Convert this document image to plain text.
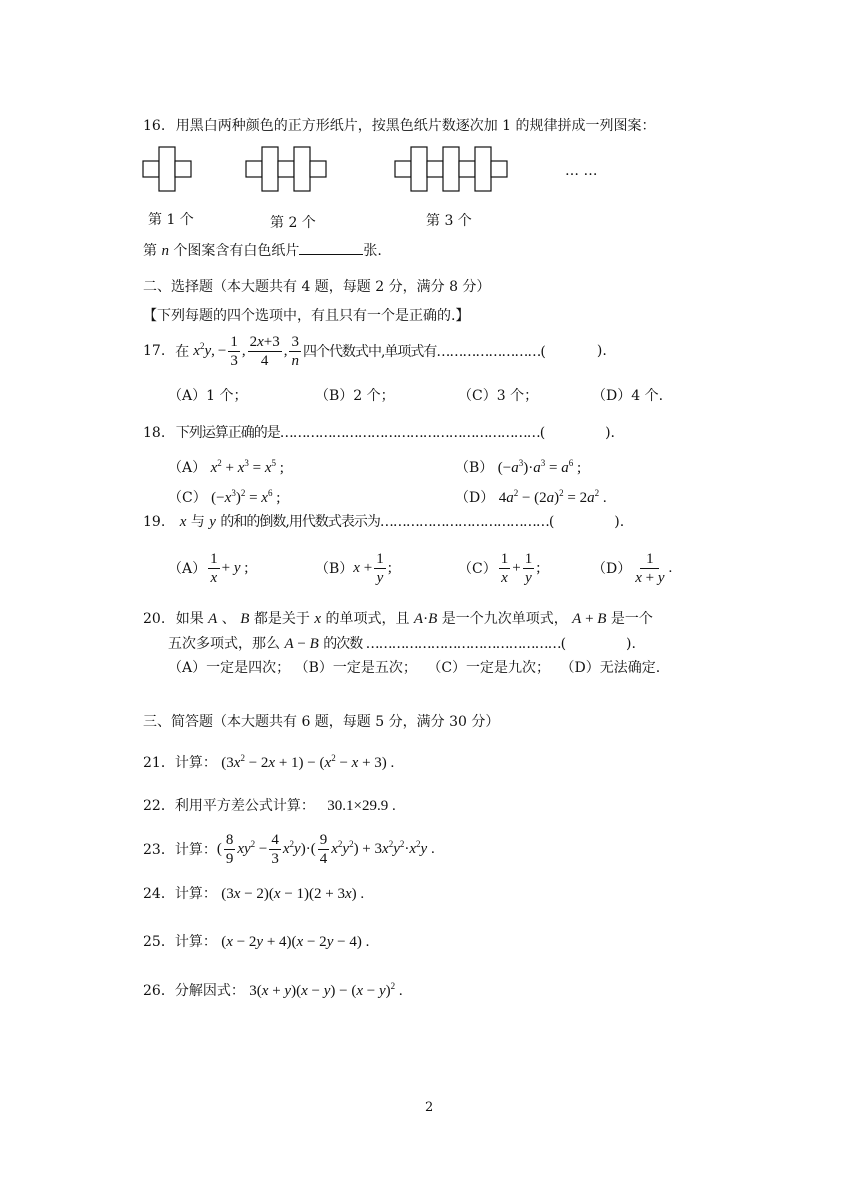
16. 用黑白两种颜色的正方形纸片，按黑色纸片数逐次加 1 的规律拼成一列图案：
… …
第 1 个	第 2 个	第 3 个
第 n 个图案含有白色纸片	张.
二、选择题（本大题共有 4 题，每题 2 分，满分 8 分）
【下列每题的四个选项中，有且只有一个是正确的.】
17. 在 $x^2y$ , − $\frac{1}{3}$ , $\frac{2x+3}{4}$ , $\frac{3}{n}$ 四个代数式中,单项式有……………………(	).
（A）1 个；	（B）2 个；	（C）3 个；	（D）4 个.
18. 下列运算正确的是……………………………………………………(	).
（A） $x^2 + x^3 = x^5$ ;	（B） $(-a^3)\cdot a^3 = a^6$ ;
（C） $(-x^3)^2 = x^6$ ;	（D） $4a^2 - (2a)^2 = 2a^2$ .
19. x 与 y 的和的倒数,用代数式表示为…………………………………(	).
$(A) \frac{1}{x} + y$ ;	（B） $x + \frac{1}{y}$ ;	$(C) \frac{1}{x} + \frac{1}{y}$ ;	$(D) \frac{1}{x + y}$ .
20. 如果 A 、 B 都是关于 x 的单项式，且 A·B 是一个九次单项式， A + B 是一个
五次多项式，那么 A − B 的次数 ………………………………………(	).
（A）一定是四次； （B）一定是五次； （C）一定是九次； （D）无法确定.
三、简答题（本大题共有 6 题，每题 5 分，满分 30 分）
21．计算： $(3x^2 - 2x + 1) - (x^2 - x + 3)$ .
22．利用平方差公式计算： 30.1×29.9 .
23．计算： ( $\frac{8}{9} xy^2 - \frac{4}{3} x^2y)\cdot( \frac{9}{4} x^2y^2) + 3x^2y^2\cdot x^2y$ .
24．计算： (3x − 2)(x − 1)(2 + 3x) .
25．计算： (x − 2y + 4)(x − 2y − 4) .
26．分解因式： $3(x + y)(x - y) - (x - y)^2$ .
2
